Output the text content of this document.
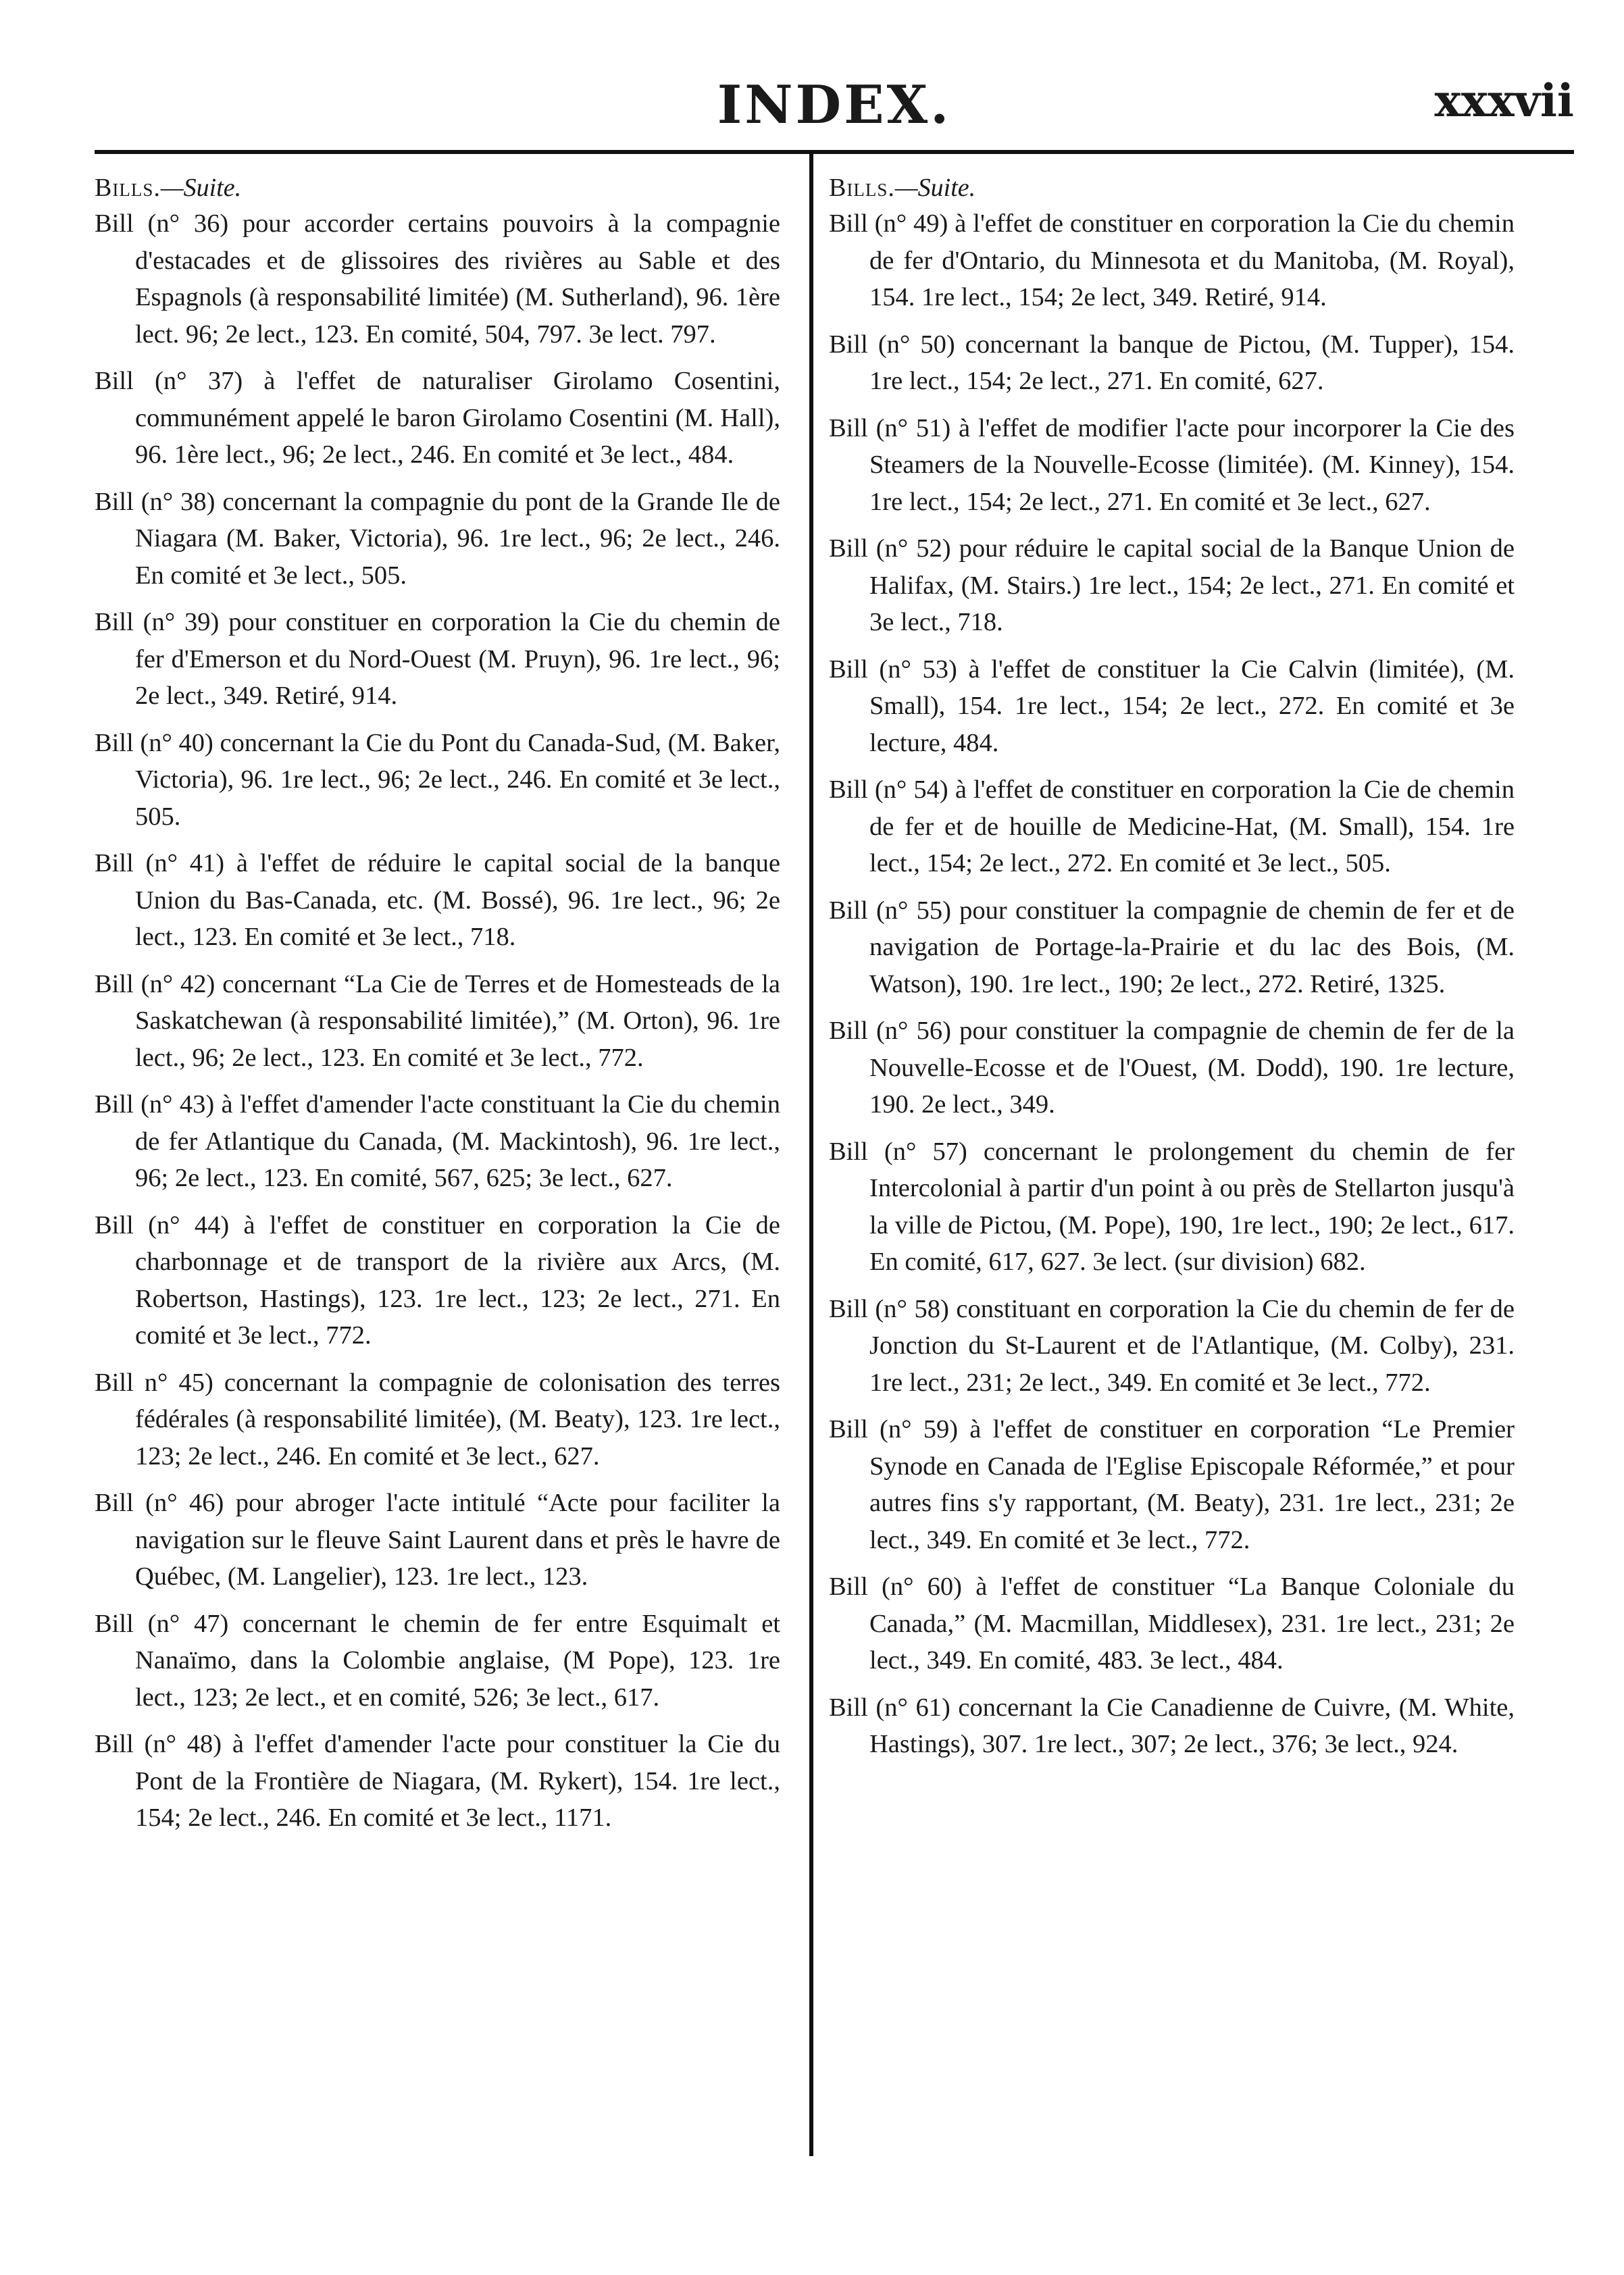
INDEX.	xxxvii
Bills.—Suite.

Bill (n° 36) pour accorder certains pouvoirs à la compagnie d'estacades et de glissoires des rivières au Sable et des Espagnols (à responsabilité limitée) (M. Sutherland), 96. 1ère lect. 96; 2e lect., 123. En comité, 504, 797. 3e lect. 797.

Bill (n° 37) à l'effet de naturaliser Girolamo Cosentini, communément appelé le baron Girolamo Cosentini (M. Hall), 96. 1ère lect., 96; 2e lect., 246. En comité et 3e lect., 484.

Bill (n° 38) concernant la compagnie du pont de la Grande Ile de Niagara (M. Baker, Victoria), 96. 1re lect., 96; 2e lect., 246. En comité et 3e lect., 505.

Bill (n° 39) pour constituer en corporation la Cie du chemin de fer d'Emerson et du Nord-Ouest (M. Pruyn), 96. 1re lect., 96; 2e lect., 349. Retiré, 914.

Bill (n° 40) concernant la Cie du Pont du Canada-Sud, (M. Baker, Victoria), 96. 1re lect., 96; 2e lect., 246. En comité et 3e lect., 505.

Bill (n° 41) à l'effet de réduire le capital social de la banque Union du Bas-Canada, etc. (M. Bossé), 96. 1re lect., 96; 2e lect., 123. En comité et 3e lect., 718.

Bill (n° 42) concernant “La Cie de Terres et de Homesteads de la Saskatchewan (à responsabilité limitée),” (M. Orton), 96. 1re lect., 96; 2e lect., 123. En comité et 3e lect., 772.

Bill (n° 43) à l'effet d'amender l'acte constituant la Cie du chemin de fer Atlantique du Canada, (M. Mackintosh), 96. 1re lect., 96; 2e lect., 123. En comité, 567, 625; 3e lect., 627.

Bill (n° 44) à l'effet de constituer en corporation la Cie de charbonnage et de transport de la rivière aux Arcs, (M. Robertson, Hastings), 123. 1re lect., 123; 2e lect., 271. En comité et 3e lect., 772.

Bill n° 45) concernant la compagnie de colonisation des terres fédérales (à responsabilité limitée), (M. Beaty), 123. 1re lect., 123; 2e lect., 246. En comité et 3e lect., 627.

Bill (n° 46) pour abroger l'acte intitulé “Acte pour faciliter la navigation sur le fleuve Saint Laurent dans et près le havre de Québec, (M. Langelier), 123. 1re lect., 123.

Bill (n° 47) concernant le chemin de fer entre Esquimalt et Nanaïmo, dans la Colombie anglaise, (M Pope), 123. 1re lect., 123; 2e lect., et en comité, 526; 3e lect., 617.

Bill (n° 48) à l'effet d'amender l'acte pour constituer la Cie du Pont de la Frontière de Niagara, (M. Rykert), 154. 1re lect., 154; 2e lect., 246. En comité et 3e lect., 1171.

Bills.—Suite.

Bill (n° 49) à l'effet de constituer en corporation la Cie du chemin de fer d'Ontario, du Minnesota et du Manitoba, (M. Royal), 154. 1re lect., 154; 2e lect, 349. Retiré, 914.

Bill (n° 50) concernant la banque de Pictou, (M. Tupper), 154. 1re lect., 154; 2e lect., 271. En comité, 627.

Bill (n° 51) à l'effet de modifier l'acte pour incorporer la Cie des Steamers de la Nouvelle-Ecosse (limitée). (M. Kinney), 154. 1re lect., 154; 2e lect., 271. En comité et 3e lect., 627.

Bill (n° 52) pour réduire le capital social de la Banque Union de Halifax, (M. Stairs.) 1re lect., 154; 2e lect., 271. En comité et 3e lect., 718.

Bill (n° 53) à l'effet de constituer la Cie Calvin (limitée), (M. Small), 154. 1re lect., 154; 2e lect., 272. En comité et 3e lecture, 484.

Bill (n° 54) à l'effet de constituer en corporation la Cie de chemin de fer et de houille de Medicine-Hat, (M. Small), 154. 1re lect., 154; 2e lect., 272. En comité et 3e lect., 505.

Bill (n° 55) pour constituer la compagnie de chemin de fer et de navigation de Portage-la-Prairie et du lac des Bois, (M. Watson), 190. 1re lect., 190; 2e lect., 272. Retiré, 1325.

Bill (n° 56) pour constituer la compagnie de chemin de fer de la Nouvelle-Ecosse et de l'Ouest, (M. Dodd), 190. 1re lecture, 190. 2e lect., 349.

Bill (n° 57) concernant le prolongement du chemin de fer Intercolonial à partir d'un point à ou près de Stellarton jusqu'à la ville de Pictou, (M. Pope), 190, 1re lect., 190; 2e lect., 617. En comité, 617, 627. 3e lect. (sur division) 682.

Bill (n° 58) constituant en corporation la Cie du chemin de fer de Jonction du St-Laurent et de l'Atlantique, (M. Colby), 231. 1re lect., 231; 2e lect., 349. En comité et 3e lect., 772.

Bill (n° 59) à l'effet de constituer en corporation “Le Premier Synode en Canada de l'Eglise Episcopale Réformée,” et pour autres fins s'y rapportant, (M. Beaty), 231. 1re lect., 231; 2e lect., 349. En comité et 3e lect., 772.

Bill (n° 60) à l'effet de constituer “La Banque Coloniale du Canada,” (M. Macmillan, Middlesex), 231. 1re lect., 231; 2e lect., 349. En comité, 483. 3e lect., 484.

Bill (n° 61) concernant la Cie Canadienne de Cuivre, (M. White, Hastings), 307. 1re lect., 307; 2e lect., 376; 3e lect., 924.
